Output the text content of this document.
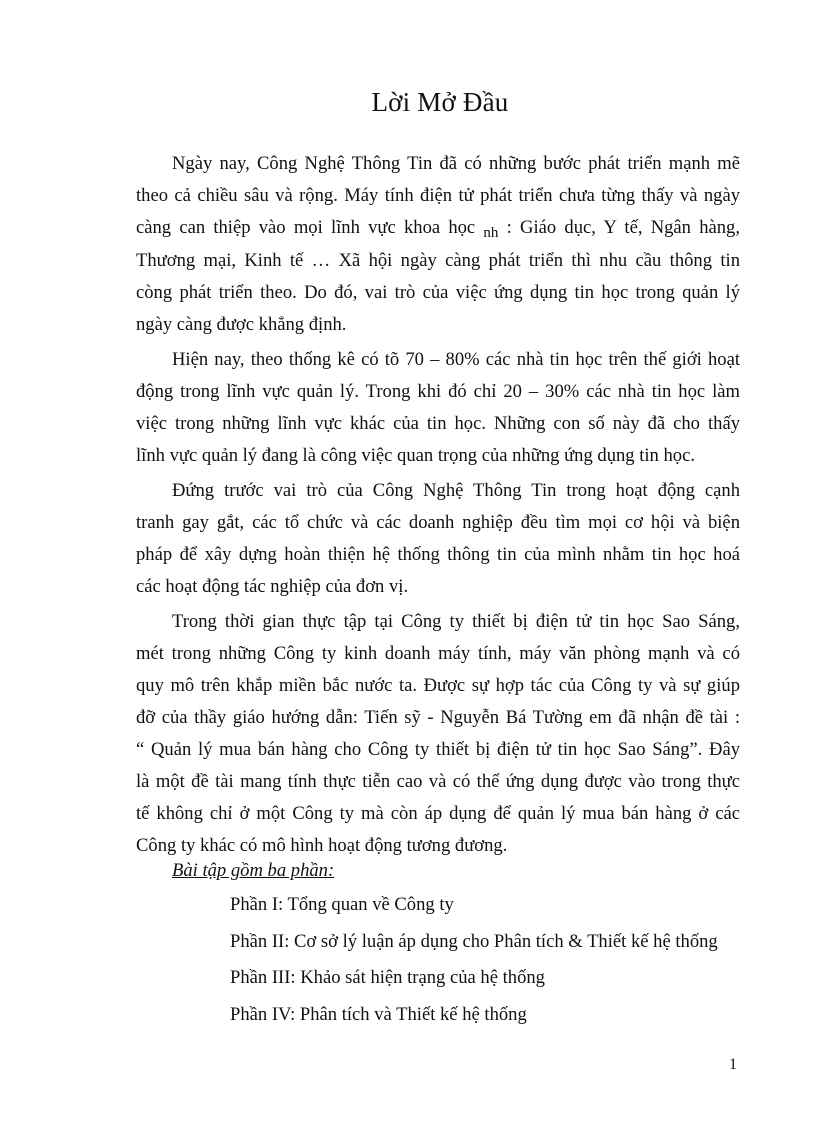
Lời Mở Đầu
Ngày nay, Công Nghệ Thông Tin đã có những bước phát triển mạnh mẽ
theo cả chiều sâu và rộng. Máy tính điện tử phát triển chưa từng thấy và ngày
càng can thiệp vào mọi lĩnh vực khoa học $_{nh}$ : Giáo dục, Y tế, Ngân hàng,
Thương mại, Kinh tế … Xã hội ngày càng phát triển thì nhu cầu thông tin
còng phát triển theo. Do đó, vai trò của việc ứng dụng tin học trong quản lý
ngày càng được khẳng định.
Hiện nay, theo thống kê có tõ 70 – 80% các nhà tin học trên thế giới hoạt
động trong lĩnh vực quản lý. Trong khi đó chỉ 20 – 30% các nhà tin học làm
việc trong những lĩnh vực khác của tin học. Những con số này đã cho thấy
lĩnh vực quản lý đang là công việc quan trọng của những ứng dụng tin học.
Đứng trước vai trò của Công Nghệ Thông Tin trong hoạt động cạnh
tranh gay gắt, các tổ chức và các doanh nghiệp đều tìm mọi cơ hội và biện
pháp để xây dựng hoàn thiện hệ thống thông tin của mình nhằm tin học hoá
các hoạt động tác nghiệp của đơn vị.
Trong thời gian thực tập tại Công ty thiết bị điện tử tin học Sao Sáng,
mét trong những Công ty kinh doanh máy tính, máy văn phòng mạnh và có
quy mô trên khắp miền bắc nước ta. Được sự hợp tác của Công ty và sự giúp
đỡ của thầy giáo hướng dẫn: Tiến sỹ - Nguyễn Bá Tường em đã nhận đề tài :
“ Quản lý mua bán hàng cho Công ty thiết bị điện tử tin học Sao Sáng”. Đây
là một đề tài mang tính thực tiễn cao và có thể ứng dụng được vào trong thực
tế không chỉ ở một Công ty mà còn áp dụng để quản lý mua bán hàng ở các
Công ty khác có mô hình hoạt động tương đương.
Bài tập gồm ba phần:
Phần I: Tổng quan về Công ty
Phần II: Cơ sở lý luận áp dụng cho Phân tích & Thiết kế hệ thống
Phần III: Khảo sát hiện trạng của hệ thống
Phần IV: Phân tích và Thiết kế hệ thống
1
